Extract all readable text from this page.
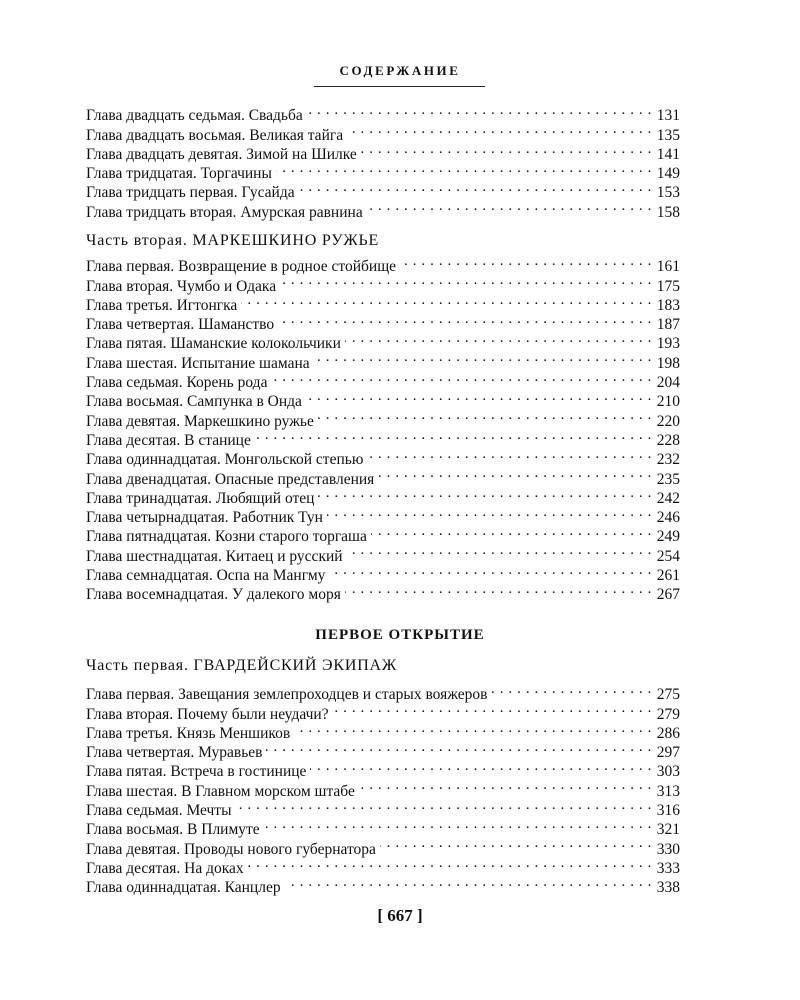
СОДЕРЖАНИЕ
Глава двадцать седьмая. Свадьба . . .	131
Глава двадцать восьмая. Великая тайга . . .	135
Глава двадцать девятая. Зимой на Шилке . . .	141
Глава тридцатая. Торгачины . . .	149
Глава тридцать первая. Гусайда . . .	153
Глава тридцать вторая. Амурская равнина . . .	158
Часть вторая. МАРКЕШКИНО РУЖЬЕ
Глава первая. Возвращение в родное стойбище . . .	161
Глава вторая. Чумбо и Одака . . .	175
Глава третья. Игтонгка . . .	183
Глава четвертая. Шаманство . . .	187
Глава пятая. Шаманские колокольчики . . .	193
Глава шестая. Испытание шамана . . .	198
Глава седьмая. Корень рода . . .	204
Глава восьмая. Сампунка в Онда . . .	210
Глава девятая. Маркешкино ружье . . .	220
Глава десятая. В станице . . .	228
Глава одиннадцатая. Монгольской степью . . .	232
Глава двенадцатая. Опасные представления . . .	235
Глава тринадцатая. Любящий отец . . .	242
Глава четырнадцатая. Работник Тун . . .	246
Глава пятнадцатая. Козни старого торгаша . . .	249
Глава шестнадцатая. Китаец и русский . . .	254
Глава семнадцатая. Оспа на Мангму . . .	261
Глава восемнадцатая. У далекого моря . . .	267
ПЕРВОЕ ОТКРЫТИЕ
Часть первая. ГВАРДЕЙСКИЙ ЭКИПАЖ
Глава первая. Завещания землепроходцев и старых вояжеров . . .	275
Глава вторая. Почему были неудачи? . . .	279
Глава третья. Князь Меншиков . . .	286
Глава четвертая. Муравьев . . .	297
Глава пятая. Встреча в гостинице . . .	303
Глава шестая. В Главном морском штабе . . .	313
Глава седьмая. Мечты . . .	316
Глава восьмая. В Плимуте . . .	321
Глава девятая. Проводы нового губернатора . . .	330
Глава десятая. На доках . . .	333
Глава одиннадцатая. Канцлер . . .	338
[ 667 ]
